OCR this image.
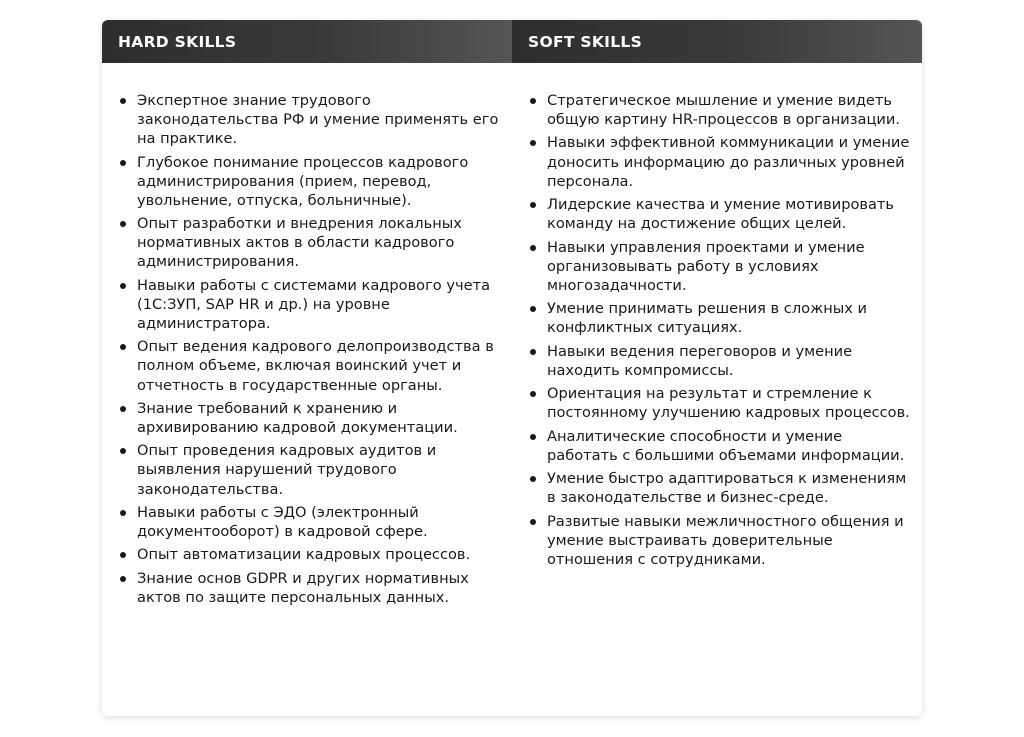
HARD SKILLS	SOFT SKILLS
Экспертное знание трудового законодательства РФ и умение применять его на практике.
Глубокое понимание процессов кадрового администрирования (прием, перевод, увольнение, отпуска, больничные).
Опыт разработки и внедрения локальных нормативных актов в области кадрового администрирования.
Навыки работы с системами кадрового учета (1С:ЗУП, SAP HR и др.) на уровне администратора.
Опыт ведения кадрового делопроизводства в полном объеме, включая воинский учет и отчетность в государственные органы.
Знание требований к хранению и архивированию кадровой документации.
Опыт проведения кадровых аудитов и выявления нарушений трудового законодательства.
Навыки работы с ЭДО (электронный документооборот) в кадровой сфере.
Опыт автоматизации кадровых процессов.
Знание основ GDPR и других нормативных актов по защите персональных данных.
Стратегическое мышление и умение видеть общую картину HR-процессов в организации.
Навыки эффективной коммуникации и умение доносить информацию до различных уровней персонала.
Лидерские качества и умение мотивировать команду на достижение общих целей.
Навыки управления проектами и умение организовывать работу в условиях многозадачности.
Умение принимать решения в сложных и конфликтных ситуациях.
Навыки ведения переговоров и умение находить компромиссы.
Ориентация на результат и стремление к постоянному улучшению кадровых процессов.
Аналитические способности и умение работать с большими объемами информации.
Умение быстро адаптироваться к изменениям в законодательстве и бизнес-среде.
Развитые навыки межличностного общения и умение выстраивать доверительные отношения с сотрудниками.
